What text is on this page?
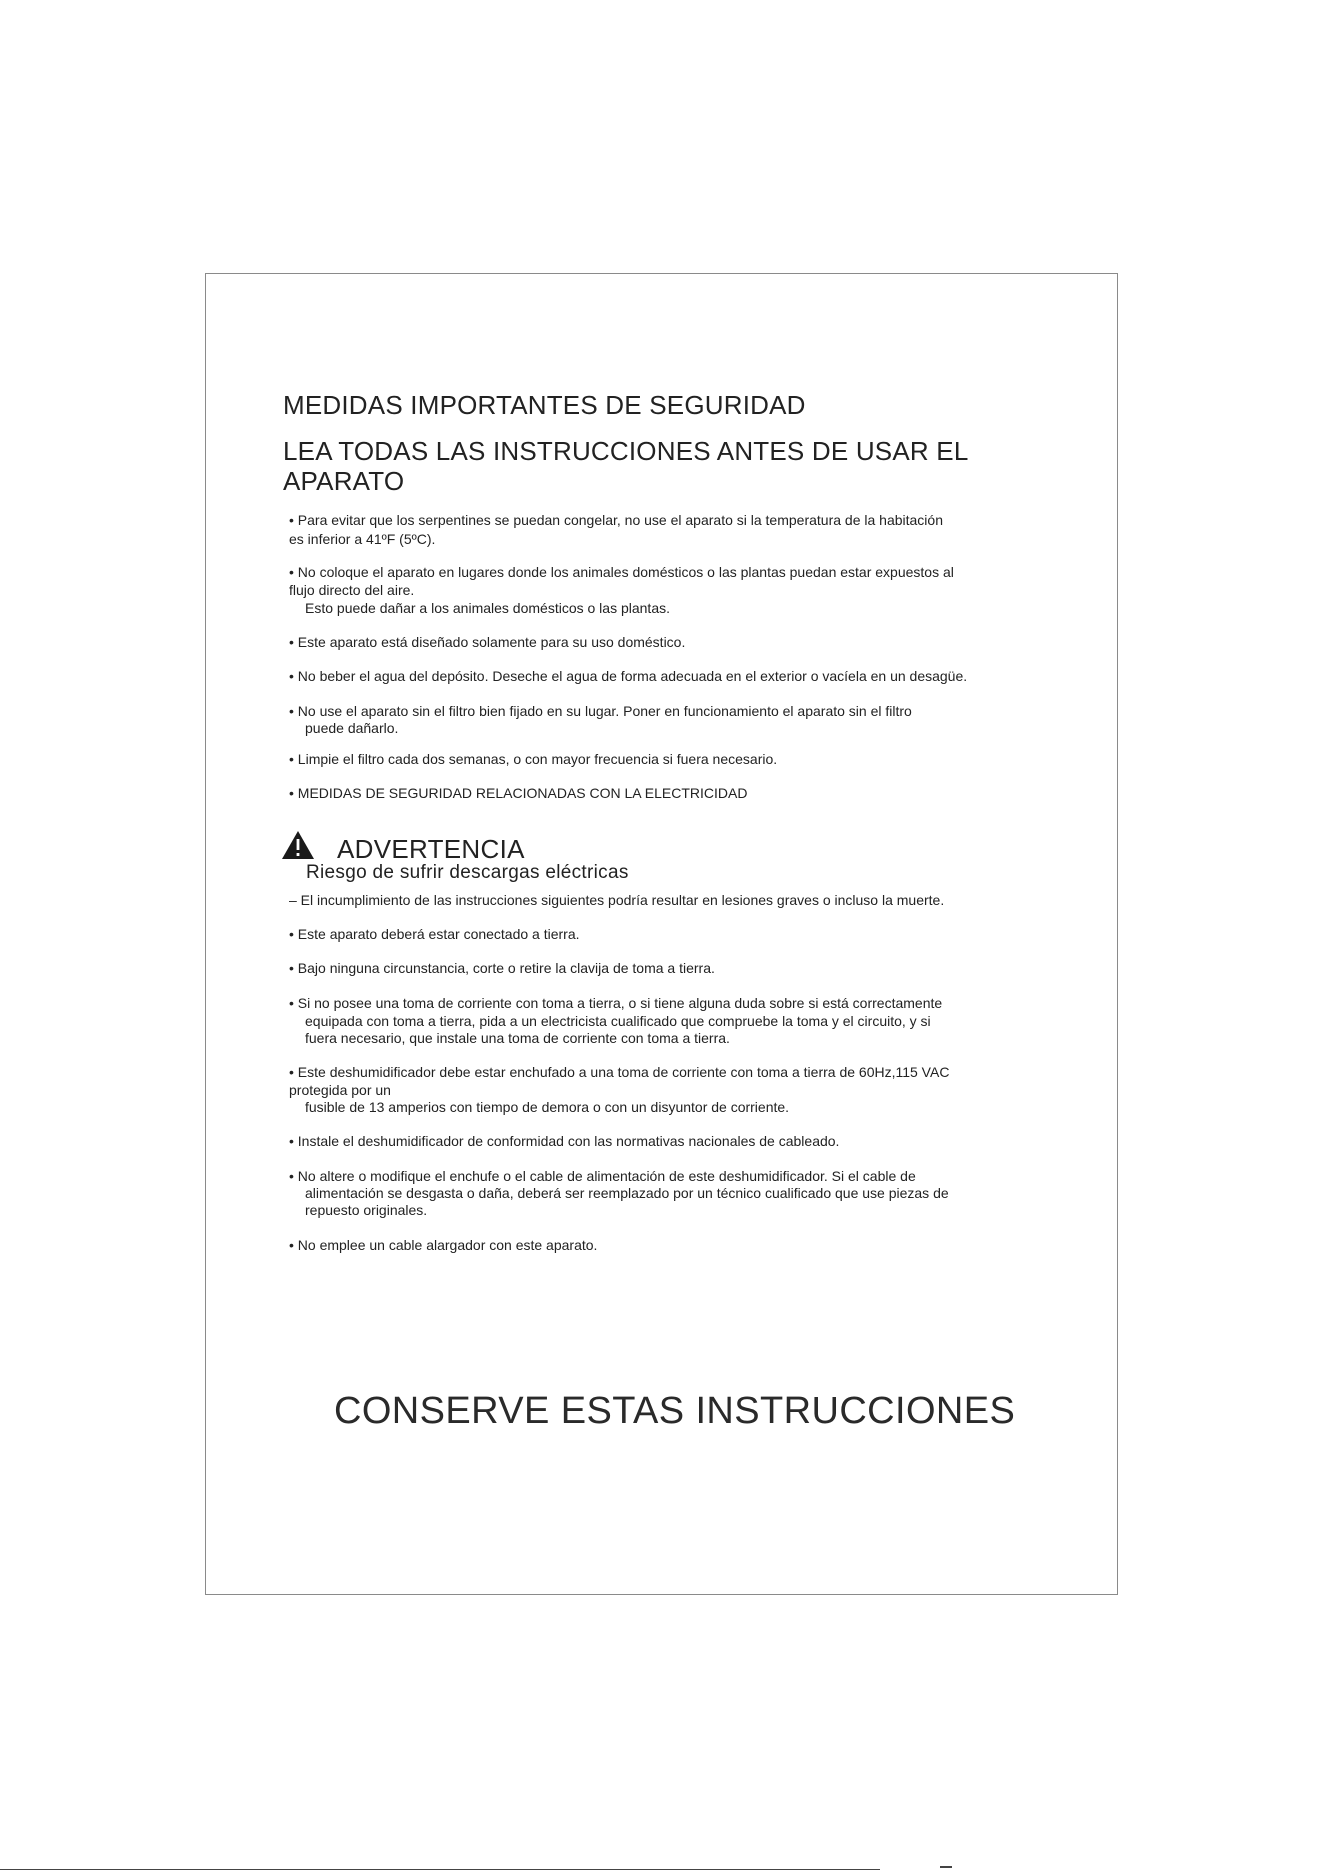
MEDIDAS IMPORTANTES DE SEGURIDAD
LEA TODAS LAS INSTRUCCIONES ANTES DE USAR EL
APARATO
• Para evitar que los serpentines se puedan congelar, no use el aparato si la temperatura de la habitación
es inferior a 41ºF (5ºC).
• No coloque el aparato en lugares donde los animales domésticos o las plantas puedan estar expuestos al
flujo directo del aire.
Esto puede dañar a los animales domésticos o las plantas.
• Este aparato está diseñado solamente para su uso doméstico.
• No beber el agua del depósito. Deseche el agua de forma adecuada en el exterior o vacíela en un desagüe.
• No use el aparato sin el filtro bien fijado en su lugar. Poner en funcionamiento el aparato sin el filtro
puede dañarlo.
• Limpie el filtro cada dos semanas, o con mayor frecuencia si fuera necesario.
• MEDIDAS DE SEGURIDAD RELACIONADAS CON LA ELECTRICIDAD
ADVERTENCIA
Riesgo de sufrir descargas eléctricas
– El incumplimiento de las instrucciones siguientes podría resultar en lesiones graves o incluso la muerte.
• Este aparato deberá estar conectado a tierra.
• Bajo ninguna circunstancia, corte o retire la clavija de toma a tierra.
• Si no posee una toma de corriente con toma a tierra, o si tiene alguna duda sobre si está correctamente
equipada con toma a tierra, pida a un electricista cualificado que compruebe la toma y el circuito, y si
fuera necesario, que instale una toma de corriente con toma a tierra.
• Este deshumidificador debe estar enchufado a una toma de corriente con toma a tierra de 60Hz,115 VAC
protegida por un
fusible de 13 amperios con tiempo de demora o con un disyuntor de corriente.
• Instale el deshumidificador de conformidad con las normativas nacionales de cableado.
• No altere o modifique el enchufe o el cable de alimentación de este deshumidificador. Si el cable de
alimentación se desgasta o daña, deberá ser reemplazado por un técnico cualificado que use piezas de
repuesto originales.
• No emplee un cable alargador con este aparato.
CONSERVE ESTAS INSTRUCCIONES
